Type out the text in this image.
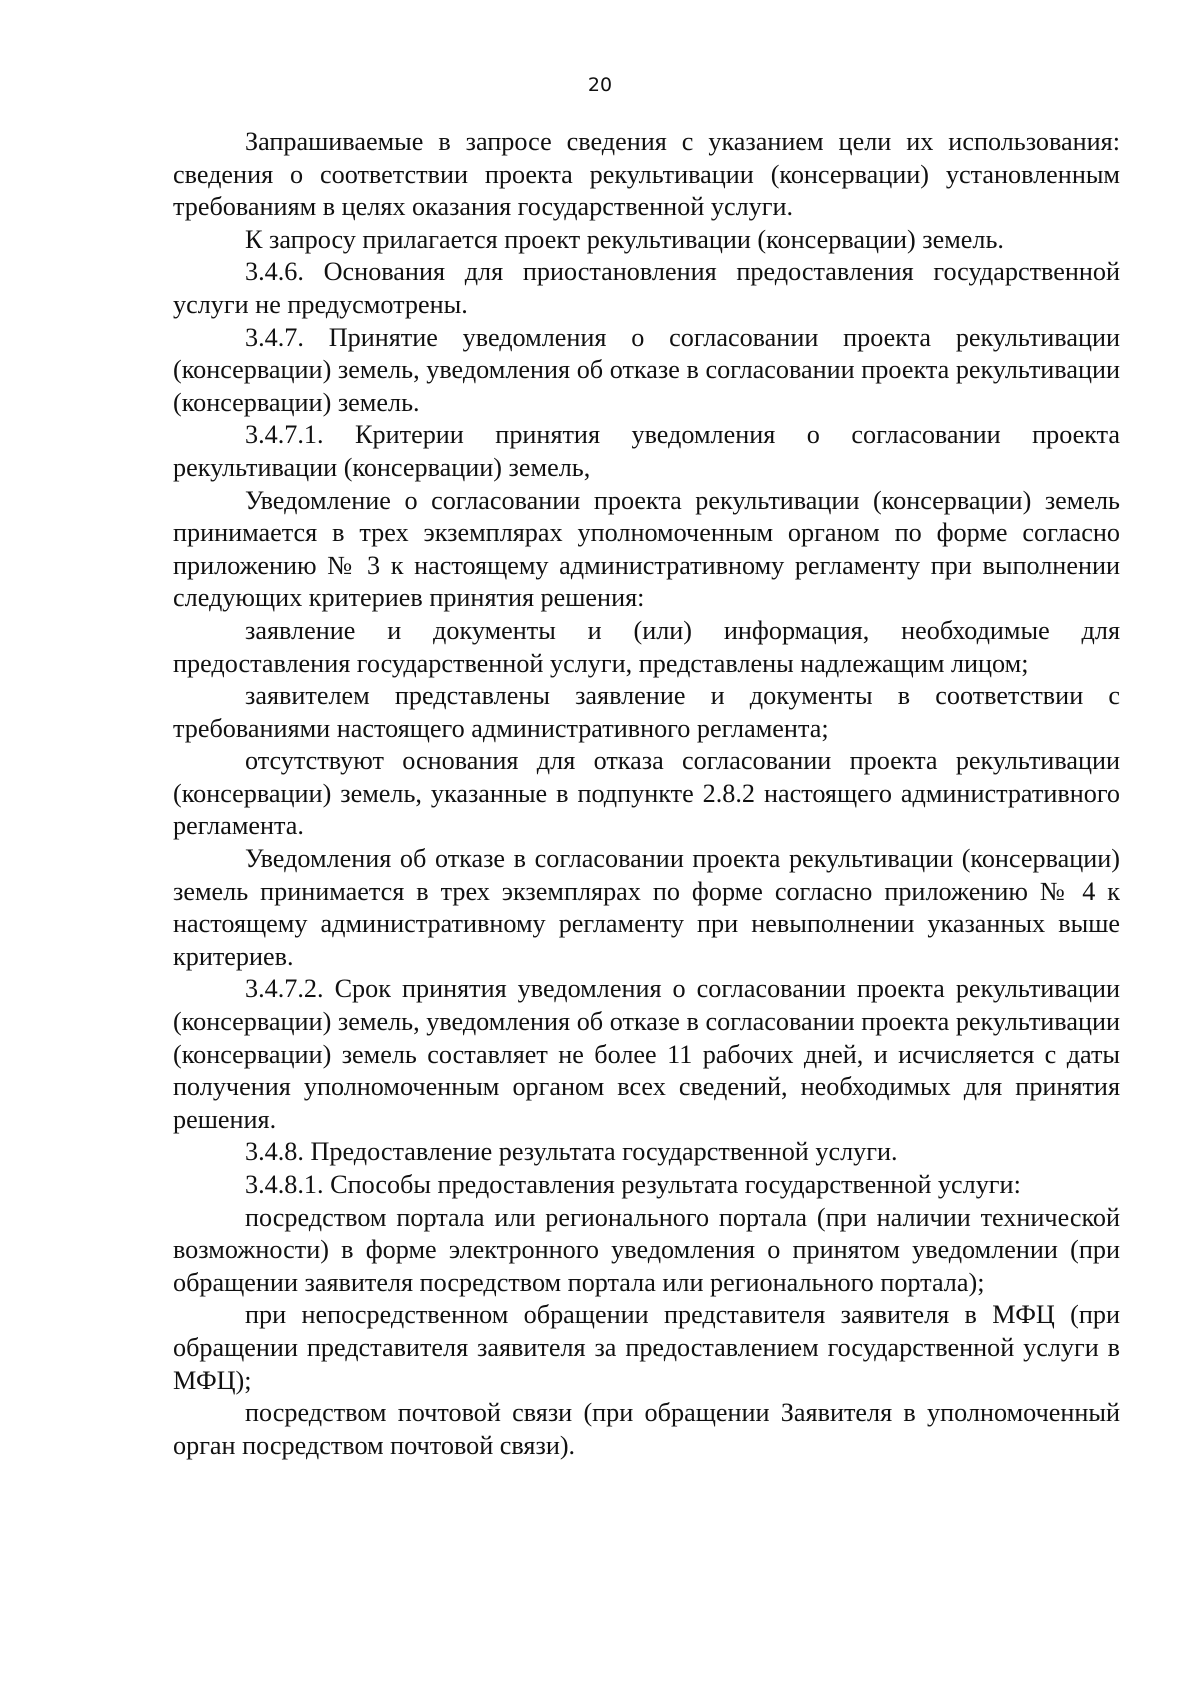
20

Запрашиваемые в запросе сведения с указанием цели их использования: сведения о соответствии проекта рекультивации (консервации) установленным требованиям в целях оказания государственной услуги.

К запросу прилагается проект рекультивации (консервации) земель.

3.4.6. Основания для приостановления предоставления государственной услуги не предусмотрены.

3.4.7. Принятие уведомления о согласовании проекта рекультивации (консервации) земель, уведомления об отказе в согласовании проекта рекультивации (консервации) земель.

3.4.7.1. Критерии принятия уведомления о согласовании проекта рекультивации (консервации) земель,

Уведомление о согласовании проекта рекультивации (консервации) земель принимается в трех экземплярах уполномоченным органом по форме согласно приложению № 3 к настоящему административному регламенту при выполнении следующих критериев принятия решения:

заявление и документы и (или) информация, необходимые для предоставления государственной услуги, представлены надлежащим лицом;

заявителем представлены заявление и документы в соответствии с требованиями настоящего административного регламента;

отсутствуют основания для отказа согласовании проекта рекультивации (консервации) земель, указанные в подпункте 2.8.2 настоящего административного регламента.

Уведомления об отказе в согласовании проекта рекультивации (консервации) земель принимается в трех экземплярах по форме согласно приложению № 4 к настоящему административному регламенту при невыполнении указанных выше критериев.

3.4.7.2. Срок принятия уведомления о согласовании проекта рекультивации (консервации) земель, уведомления об отказе в согласовании проекта рекультивации (консервации) земель составляет не более 11 рабочих дней, и исчисляется с даты получения уполномоченным органом всех сведений, необходимых для принятия решения.

3.4.8. Предоставление результата государственной услуги.

3.4.8.1. Способы предоставления результата государственной услуги:

посредством портала или регионального портала (при наличии технической возможности) в форме электронного уведомления о принятом уведомлении (при обращении заявителя посредством портала или регионального портала);

при непосредственном обращении представителя заявителя в МФЦ (при обращении представителя заявителя за предоставлением государственной услуги в МФЦ);

посредством почтовой связи (при обращении Заявителя в уполномоченный орган посредством почтовой связи).
